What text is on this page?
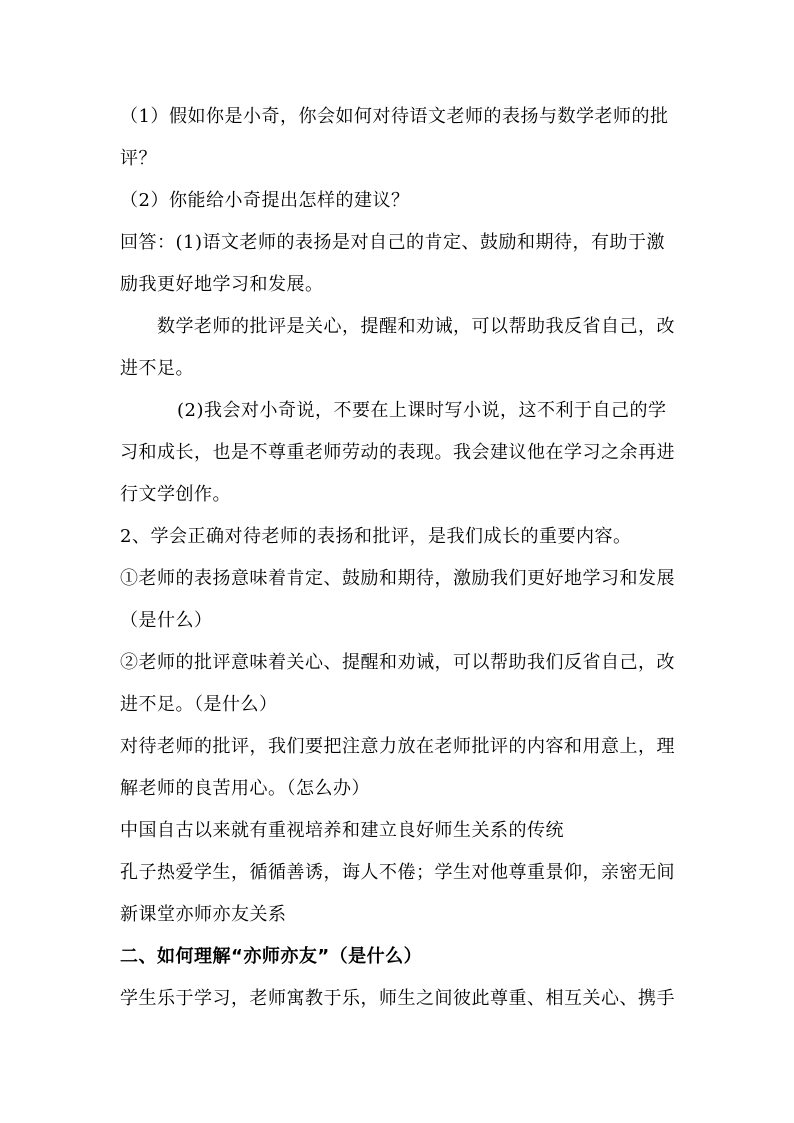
（1）假如你是小奇，你会如何对待语文老师的表扬与数学老师的批
评？
（2）你能给小奇提出怎样的建议？
回答：(1)语文老师的表扬是对自己的肯定、鼓励和期待，有助于激
励我更好地学习和发展。
数学老师的批评是关心，提醒和劝诫，可以帮助我反省自己，改
进不足。
(2)我会对小奇说，不要在上课时写小说，这不利于自己的学
习和成长，也是不尊重老师劳动的表现。我会建议他在学习之余再进
行文学创作。
2、学会正确对待老师的表扬和批评，是我们成长的重要内容。
①老师的表扬意味着肯定、鼓励和期待，激励我们更好地学习和发展
（是什么）
②老师的批评意味着关心、提醒和劝诫，可以帮助我们反省自己，改
进不足。（是什么）
对待老师的批评，我们要把注意力放在老师批评的内容和用意上，理
解老师的良苦用心。（怎么办）
中国自古以来就有重视培养和建立良好师生关系的传统
孔子热爱学生，循循善诱，诲人不倦；学生对他尊重景仰，亲密无间
新课堂亦师亦友关系
二、如何理解“亦师亦友”（是什么）
学生乐于学习，老师寓教于乐，师生之间彼此尊重、相互关心、携手
